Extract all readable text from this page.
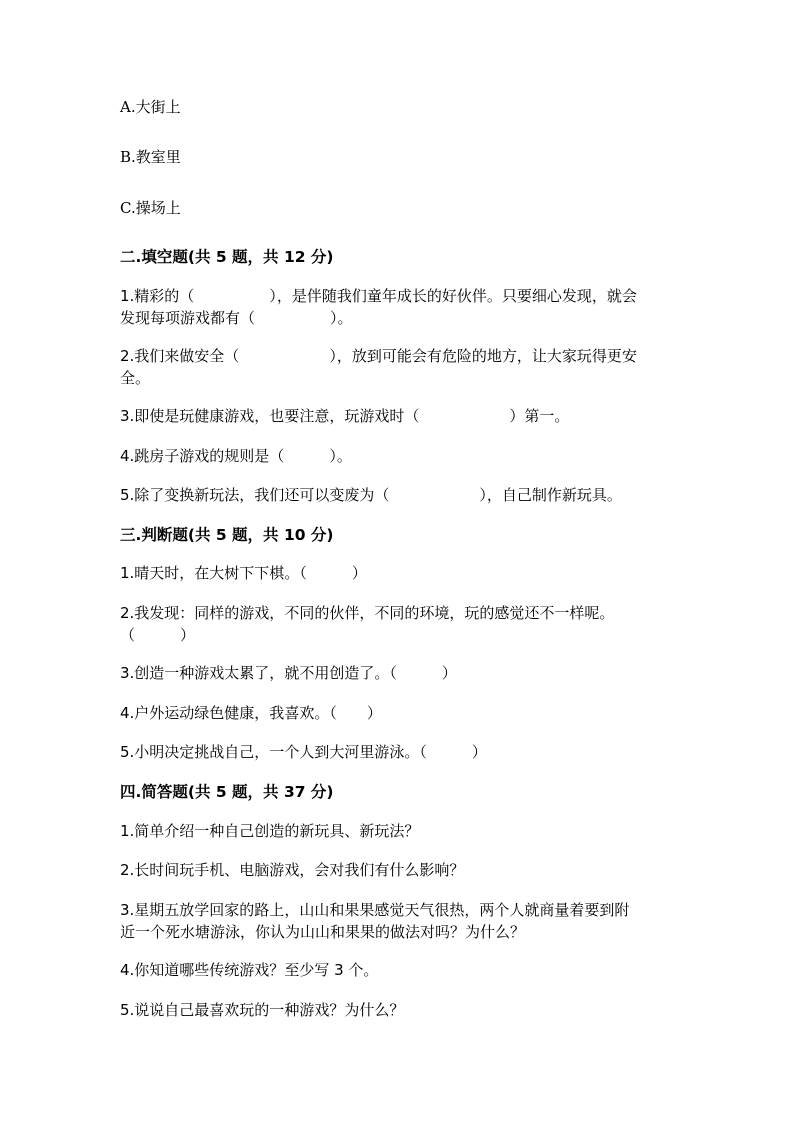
A.大街上

B.教室里

C.操场上

二.填空题(共 5 题，共 12 分)

1.精彩的（　　　　　），是伴随我们童年成长的好伙伴。只要细心发现，就会

发现每项游戏都有（　　　　　）。

2.我们来做安全（　　　　　　），放到可能会有危险的地方，让大家玩得更安

全。

3.即使是玩健康游戏，也要注意，玩游戏时（　　　　　　）第一。

4.跳房子游戏的规则是（　　　）。

5.除了变换新玩法，我们还可以变废为（　　　　　　），自己制作新玩具。

三.判断题(共 5 题，共 10 分)

1.晴天时，在大树下下棋。（　　　）

2.我发现：同样的游戏，不同的伙伴，不同的环境，玩的感觉还不一样呢。

（　　　）

3.创造一种游戏太累了，就不用创造了。（　　　）

4.户外运动绿色健康，我喜欢。（　　）

5.小明决定挑战自己，一个人到大河里游泳。（　　　）

四.简答题(共 5 题，共 37 分)

1.简单介绍一种自己创造的新玩具、新玩法？

2.长时间玩手机、电脑游戏，会对我们有什么影响？

3.星期五放学回家的路上，山山和果果感觉天气很热，两个人就商量着要到附

近一个死水塘游泳，你认为山山和果果的做法对吗？为什么？

4.你知道哪些传统游戏？至少写 3 个。

5.说说自己最喜欢玩的一种游戏？为什么？
